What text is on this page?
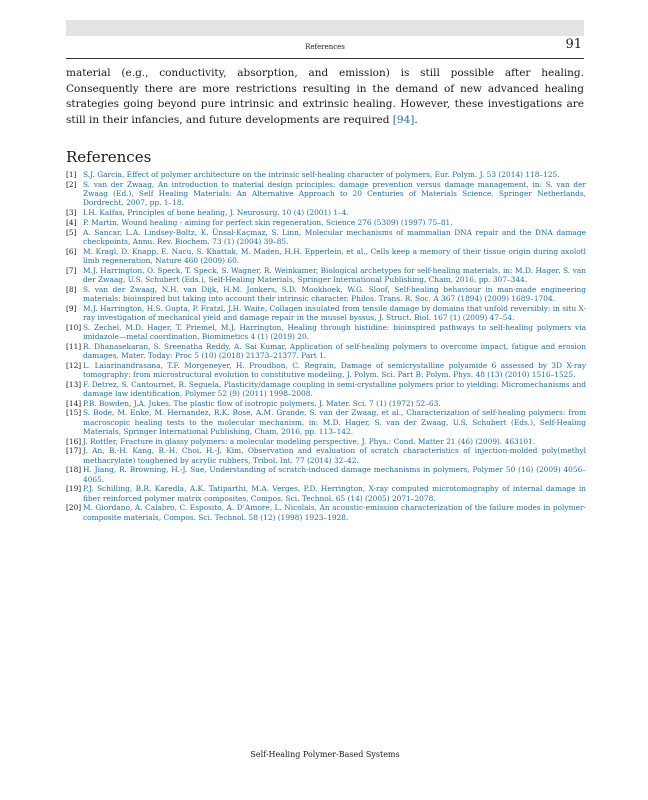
References	91

material (e.g., conductivity, absorption, and emission) is still possible after healing. Consequently there are more restrictions resulting in the demand of new advanced healing strategies going beyond pure intrinsic and extrinsic healing. However, these investigations are still in their infancies, and future developments are required [94].

References
[1] S.J. Garcia, Effect of polymer architecture on the intrinsic self-healing character of polymers, Eur. Polym. J. 53 (2014) 118–125.
[2] S. van der Zwaag, An introduction to material design principles: damage prevention versus damage management, in: S. van der Zwaag (Ed.), Self Healing Materials: An Alternative Approach to 20 Centuries of Materials Science, Springer Netherlands, Dordrecht, 2007, pp. 1–18.
[3] I.H. Kalfas, Principles of bone healing, J. Neurosurg. 10 (4) (2001) 1–4.
[4] P. Martin, Wound healing - aiming for perfect skin regeneration, Science 276 (5309) (1997) 75–81.
[5] A. Sancar, L.A. Lindsey-Boltz, K. Ünsal-Kaçmaz, S. Linn, Molecular mechanisms of mammalian DNA repair and the DNA damage checkpoints, Annu. Rev. Biochem. 73 (1) (2004) 39–85.
[6] M. Kragl, D. Knapp, E. Nacu, S. Khattak, M. Maden, H.H. Epperlein, et al., Cells keep a memory of their tissue origin during axolotl limb regeneration, Nature 460 (2009) 60.
[7] M.J. Harrington, O. Speck, T. Speck, S. Wagner, R. Weinkamer, Biological archetypes for self-healing materials, in: M.D. Hager, S. van der Zwaag, U.S. Schubert (Eds.), Self-Healing Materials, Springer International Publishing, Cham, 2016, pp. 307–344.
[8] S. van der Zwaag, N.H. van Dijk, H.M. Jonkers, S.D. Mookhoek, W.G. Sloof, Self-healing behaviour in man-made engineering materials: bioinspired but taking into account their intrinsic character, Philos. Trans. R. Soc. A 367 (1894) (2009) 1689–1704.
[9] M.J. Harrington, H.S. Gupta, P. Fratzl, J.H. Waite, Collagen insulated from tensile damage by domains that unfold reversibly: in situ X-ray investigation of mechanical yield and damage repair in the mussel byssus, J. Struct. Biol. 167 (1) (2009) 47–54.
[10] S. Zechel, M.D. Hager, T. Priemel, M.J. Harrington, Healing through histidine: bioinspired pathways to self-healing polymers via imidazole—metal coordination, Biomimetics 4 (1) (2019) 20.
[11] R. Dhanasekaran, S. Sreenatha Reddy, A. Sai Kumar, Application of self-healing polymers to overcome impact, fatigue and erosion damages, Mater. Today: Proc 5 (10) (2018) 21373–21377. Part 1.
[12] L. Laiarinandrasana, T.F. Morgeneyer, H. Proudhon, C. Regrain, Damage of semicrystalline polyamide 6 assessed by 3D X-ray tomography: from microstructural evolution to constitutive modeling, J. Polym. Sci. Part B: Polym. Phys. 48 (13) (2010) 1516–1525.
[13] F. Detrez, S. Cantournet, R. Seguela, Plasticity/damage coupling in semi-crystalline polymers prior to yielding: Micromechanisms and damage law identification, Polymer 52 (9) (2011) 1998–2008.
[14] P.B. Bowden, J.A. Jukes, The plastic flow of isotropic polymers, J. Mater. Sci. 7 (1) (1972) 52–63.
[15] S. Bode, M. Enke, M. Hernandez, R.K. Bose, A.M. Grande, S. van der Zwaag, et al., Characterization of self-healing polymers: from macroscopic healing tests to the molecular mechanism, in: M.D. Hager, S. van der Zwaag, U.S. Schubert (Eds.), Self-Healing Materials, Springer International Publishing, Cham, 2016, pp. 113–142.
[16] J. Rottler, Fracture in glassy polymers: a molecular modeling perspective, J. Phys.: Cond. Matter 21 (46) (2009). 463101.
[17] J. An, B.-H. Kang, B.-H. Choi, H.-J. Kim, Observation and evaluation of scratch characteristics of injection-molded poly(methyl methacrylate) toughened by acrylic rubbers, Tribol. Int. 77 (2014) 32–42.
[18] H. Jiang, R. Browning, H.-J. Sue, Understanding of scratch-induced damage mechanisms in polymers, Polymer 50 (16) (2009) 4056–4065.
[19] P.J. Schilling, B.R. Karedla, A.K. Tatiparthi, M.A. Verges, P.D. Herrington, X-ray computed microtomography of internal damage in fiber reinforced polymer matrix composites, Compos. Sci. Technol. 65 (14) (2005) 2071–2078.
[20] M. Giordano, A. Calabro, C. Esposito, A. D’Amore, L. Nicolais, An acoustic-emission characterization of the failure modes in polymer-composite materials, Compos. Sci. Technol. 58 (12) (1998) 1923–1928.
Self-Healing Polymer-Based Systems
